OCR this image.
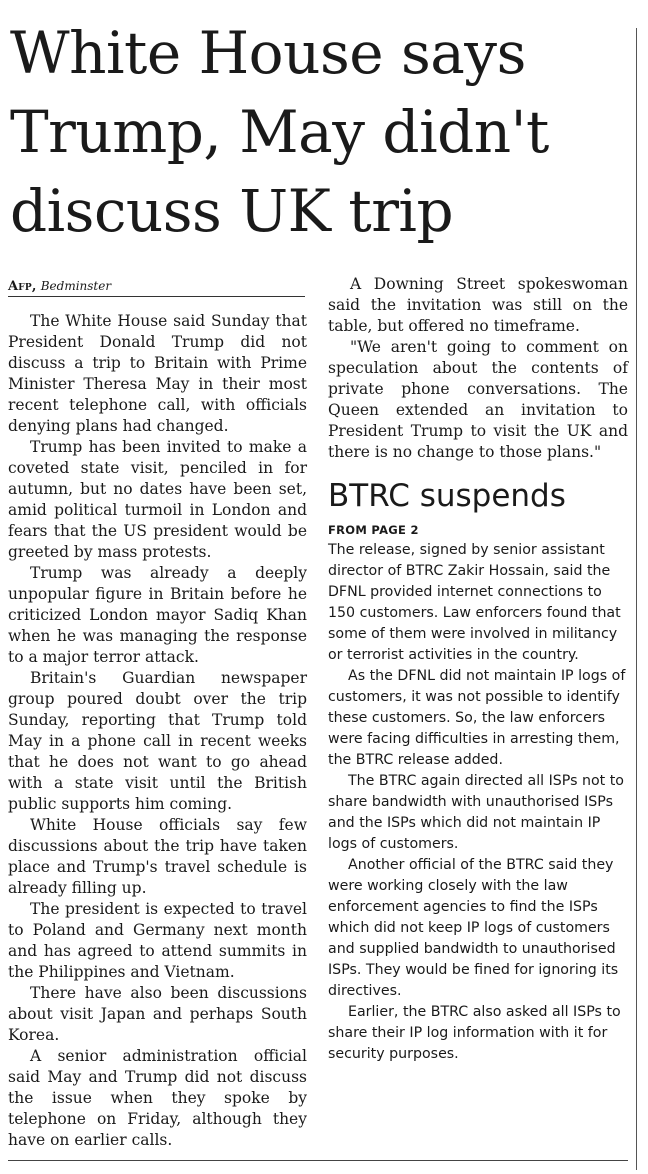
White House says
Trump, May didn't
discuss UK trip
Afp, Bedminster

The White House said Sunday that President Donald Trump did not discuss a trip to Britain with Prime Minister Theresa May in their most recent telephone call, with officials denying plans had changed.

Trump has been invited to make a coveted state visit, penciled in for autumn, but no dates have been set, amid political turmoil in London and fears that the US president would be greeted by mass protests.

Trump was already a deeply unpopular figure in Britain before he criticized London mayor Sadiq Khan when he was managing the response to a major terror attack.

Britain's Guardian newspaper group poured doubt over the trip Sunday, reporting that Trump told May in a phone call in recent weeks that he does not want to go ahead with a state visit until the British public supports him coming.

White House officials say few discussions about the trip have taken place and Trump's travel schedule is already filling up.

The president is expected to travel to Poland and Germany next month and has agreed to attend summits in the Philippines and Vietnam.

There have also been discussions about visit Japan and perhaps South Korea.

A senior administration official said May and Trump did not discuss the issue when they spoke by telephone on Friday, although they have on earlier calls.

A Downing Street spokeswoman said the invitation was still on the table, but offered no timeframe.

"We aren't going to comment on speculation about the contents of private phone conversations. The Queen extended an invitation to President Trump to visit the UK and there is no change to those plans."

BTRC suspends
FROM PAGE 2

The release, signed by senior assistant director of BTRC Zakir Hossain, said the DFNL provided internet connections to 150 customers. Law enforcers found that some of them were involved in militancy or terrorist activities in the country.

As the DFNL did not maintain IP logs of customers, it was not possible to identify these customers. So, the law enforcers were facing difficulties in arresting them, the BTRC release added.

The BTRC again directed all ISPs not to share bandwidth with unauthorised ISPs and the ISPs which did not maintain IP logs of customers.

Another official of the BTRC said they were working closely with the law enforcement agencies to find the ISPs which did not keep IP logs of customers and supplied bandwidth to unauthorised ISPs. They would be fined for ignoring its directives.

Earlier, the BTRC also asked all ISPs to share their IP log information with it for security purposes.
